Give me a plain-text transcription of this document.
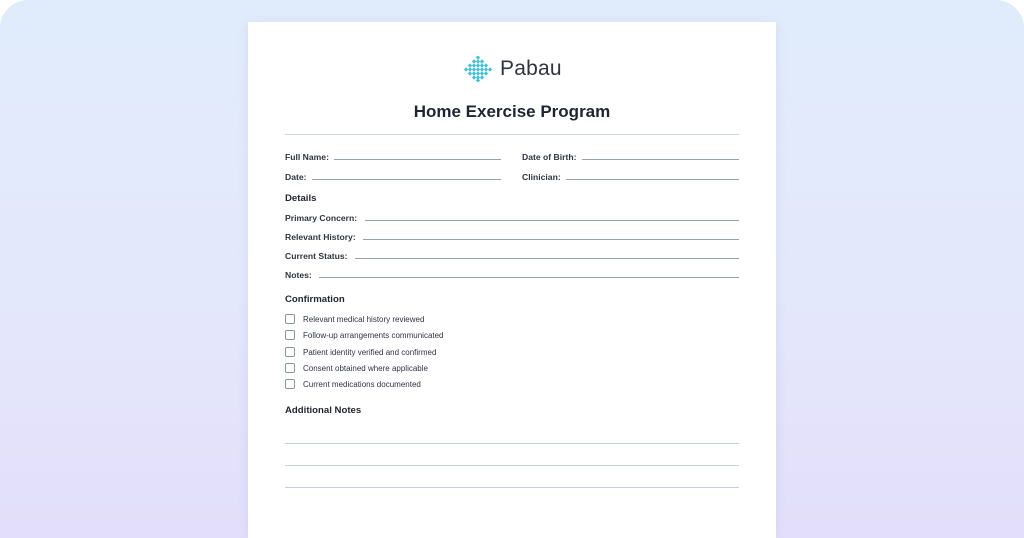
Pabau
Home Exercise Program
Full Name:	Date of Birth:
Date:	Clinician:
Details
Primary Concern:
Relevant History:
Current Status:
Notes:
Confirmation
Relevant medical history reviewed
Follow-up arrangements communicated
Patient identity verified and confirmed
Consent obtained where applicable
Current medications documented
Additional Notes
